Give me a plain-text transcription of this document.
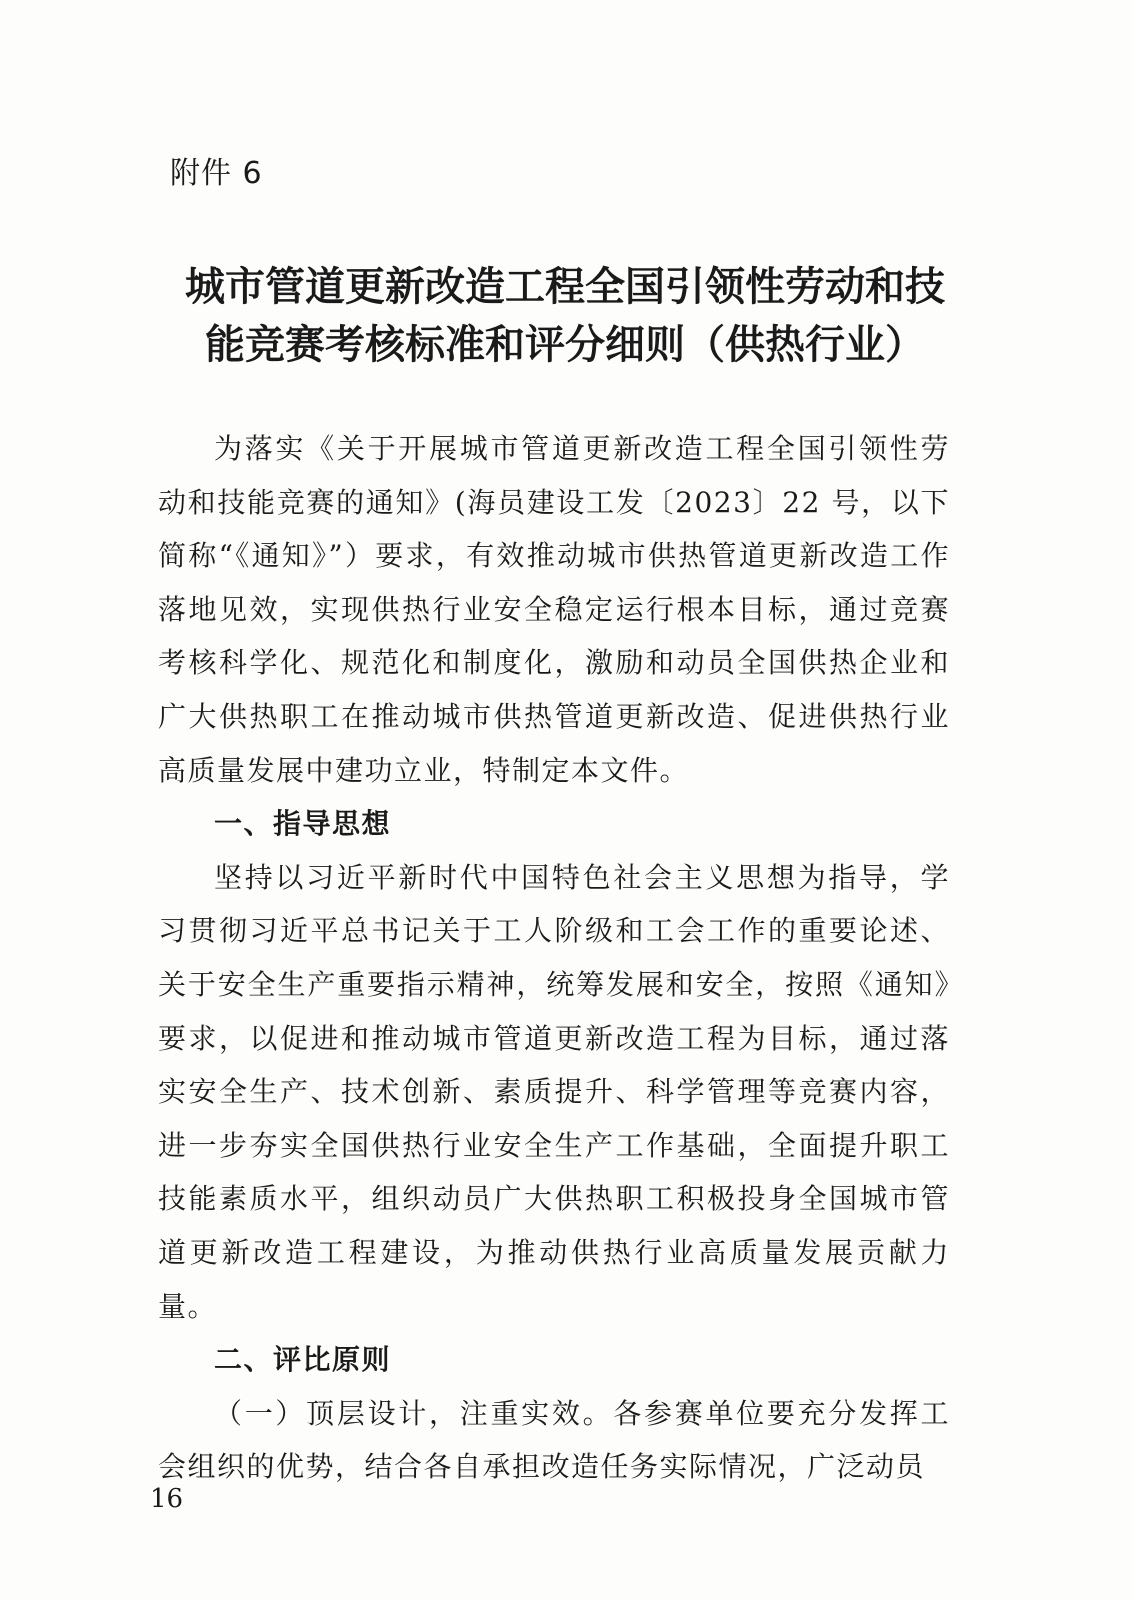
附件 6
城市管道更新改造工程全国引领性劳动和技
能竞赛考核标准和评分细则（供热行业）

为落实《关于开展城市管道更新改造工程全国引领性劳动和技能竞赛的通知》(海员建设工发〔2023〕22 号，以下简称“《通知》”）要求，有效推动城市供热管道更新改造工作落地见效，实现供热行业安全稳定运行根本目标，通过竞赛考核科学化、规范化和制度化，激励和动员全国供热企业和广大供热职工在推动城市供热管道更新改造、促进供热行业高质量发展中建功立业，特制定本文件。

一、指导思想

坚持以习近平新时代中国特色社会主义思想为指导，学习贯彻习近平总书记关于工人阶级和工会工作的重要论述、关于安全生产重要指示精神，统筹发展和安全，按照《通知》要求，以促进和推动城市管道更新改造工程为目标，通过落实安全生产、技术创新、素质提升、科学管理等竞赛内容，进一步夯实全国供热行业安全生产工作基础，全面提升职工技能素质水平，组织动员广大供热职工积极投身全国城市管道更新改造工程建设，为推动供热行业高质量发展贡献力量。

二、评比原则

（一）顶层设计，注重实效。各参赛单位要充分发挥工会组织的优势，结合各自承担改造任务实际情况，广泛动员

16
